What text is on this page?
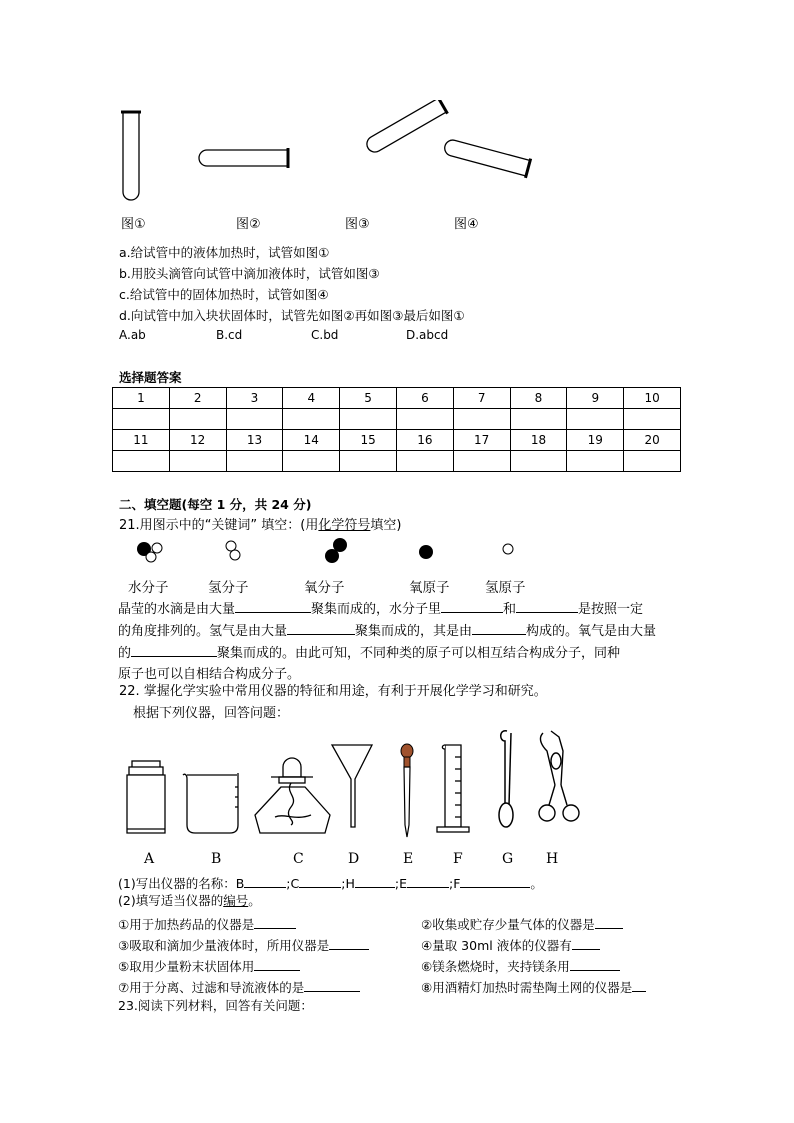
图①	图②	图③	图④
a.给试管中的液体加热时，试管如图①
b.用胶头滴管向试管中滴加液体时，试管如图③
c.给试管中的固体加热时，试管如图④
d.向试管中加入块状固体时，试管先如图②再如图③最后如图①
A.ab	B.cd	C.bd	D.abcd
选择题答案
1	2	3	4	5	6	7	8	9	10

11	12	13	14	15	16	17	18	19	20

二、填空题(每空 1 分，共 24 分)
21.用图示中的“关键词” 填空：(用化学符号填空)
水分子	氢分子	氧分子	氧原子	氢原子
晶莹的水滴是由大量	聚集而成的，水分子里	和	是按照一定
的角度排列的。氢气是由大量	聚集而成的，其是由	构成的。氧气是由大量
的	聚集而成的。由此可知，不同种类的原子可以相互结合构成分子，同种
原子也可以自相结合构成分子。
22. 掌握化学实验中常用仪器的特征和用途，有利于开展化学学习和研究。
根据下列仪器，回答问题：
A	B	C	D	E	F	G H
(1)写出仪器的名称：B	;C	;H	;E	;F	。
(2)填写适当仪器的编号。
①用于加热药品的仪器是	②收集或贮存少量气体的仪器是
③吸取和滴加少量液体时，所用仪器是	④量取 30ml 液体的仪器有
⑤取用少量粉末状固体用	⑥镁条燃烧时，夹持镁条用
⑦用于分离、过滤和导流液体的是	⑧用酒精灯加热时需垫陶土网的仪器是
23.阅读下列材料，回答有关问题：
